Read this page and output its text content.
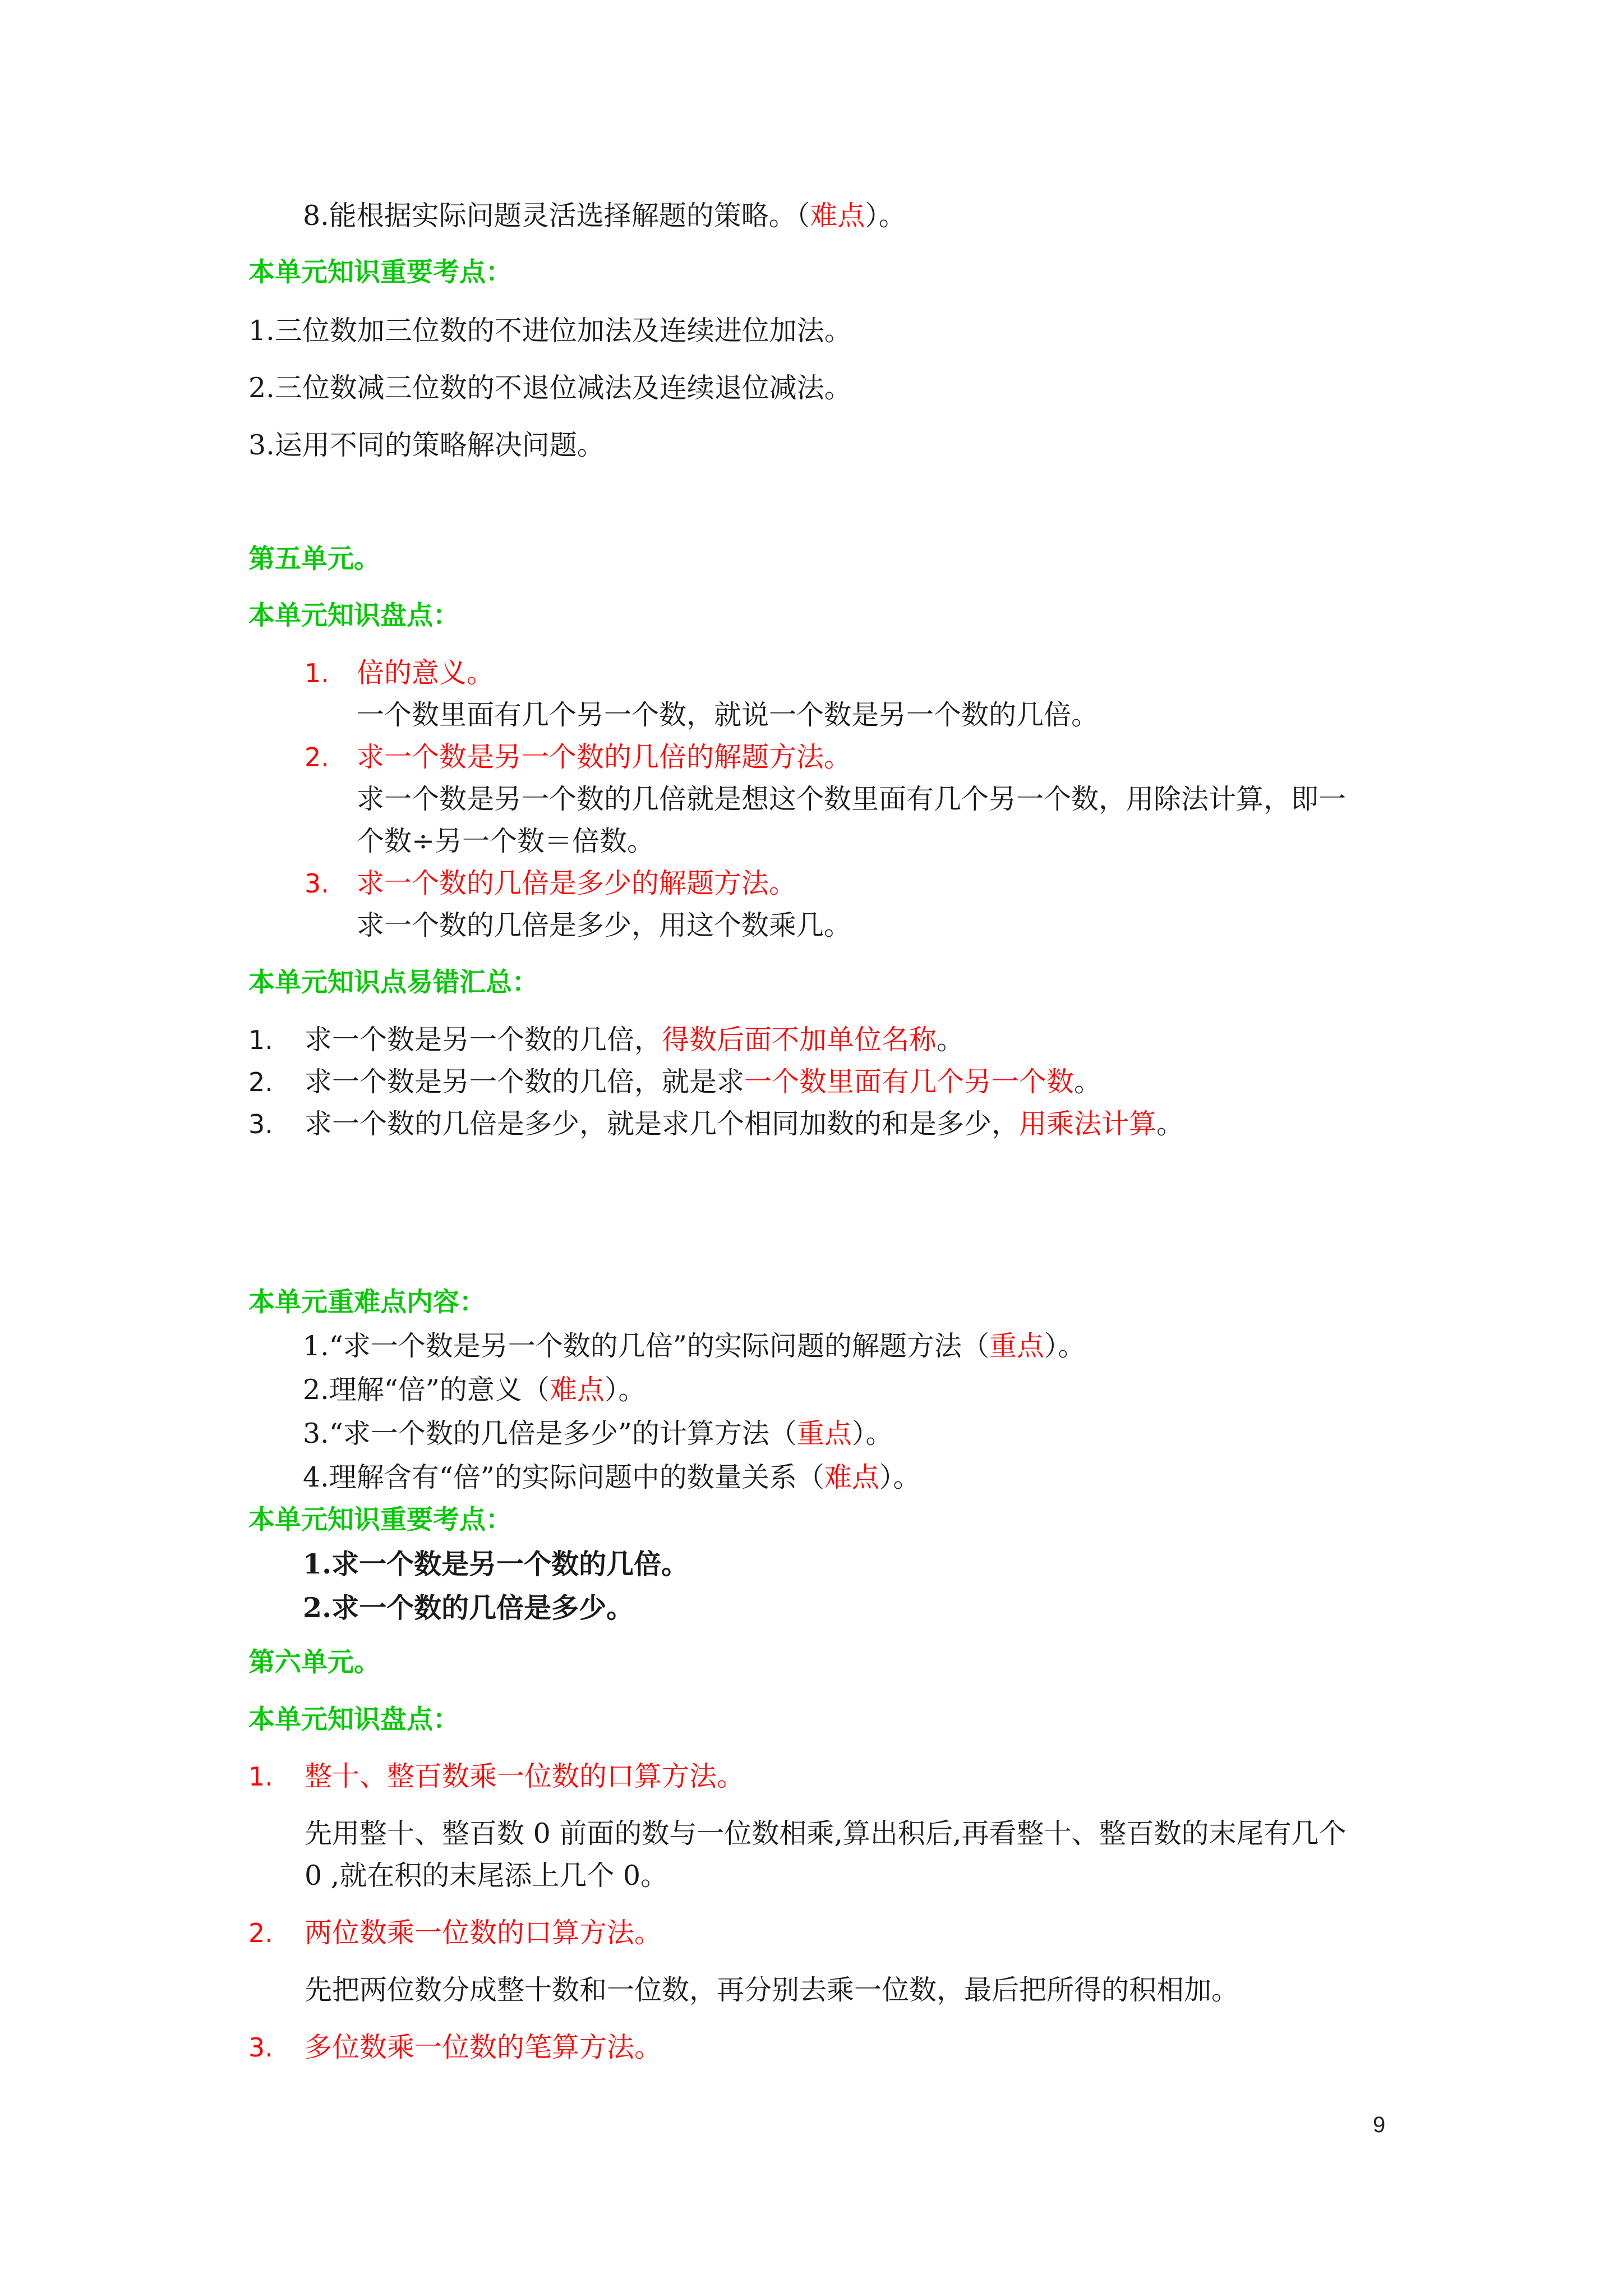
8.能根据实际问题灵活选择解题的策略。（难点）。
本单元知识重要考点：
1.三位数加三位数的不进位加法及连续进位加法。
2.三位数减三位数的不退位减法及连续退位减法。
3.运用不同的策略解决问题。
第五单元。
本单元知识盘点：
1. 倍的意义。
一个数里面有几个另一个数，就说一个数是另一个数的几倍。
2. 求一个数是另一个数的几倍的解题方法。
求一个数是另一个数的几倍就是想这个数里面有几个另一个数，用除法计算，即一
个数÷另一个数＝倍数。
3. 求一个数的几倍是多少的解题方法。
求一个数的几倍是多少，用这个数乘几。
本单元知识点易错汇总：
1. 求一个数是另一个数的几倍，得数后面不加单位名称。
2. 求一个数是另一个数的几倍，就是求一个数里面有几个另一个数。
3. 求一个数的几倍是多少，就是求几个相同加数的和是多少，用乘法计算。
本单元重难点内容：
1.“求一个数是另一个数的几倍”的实际问题的解题方法（重点）。
2.理解“倍”的意义（难点）。
3.“求一个数的几倍是多少”的计算方法（重点）。
4.理解含有“倍”的实际问题中的数量关系（难点）。
本单元知识重要考点：
1.求一个数是另一个数的几倍。
2.求一个数的几倍是多少。
第六单元。
本单元知识盘点：
1. 整十、整百数乘一位数的口算方法。
先用整十、整百数 0 前面的数与一位数相乘,算出积后,再看整十、整百数的末尾有几个
0 ,就在积的末尾添上几个 0。
2. 两位数乘一位数的口算方法。
先把两位数分成整十数和一位数，再分别去乘一位数，最后把所得的积相加。
3. 多位数乘一位数的笔算方法。
9
